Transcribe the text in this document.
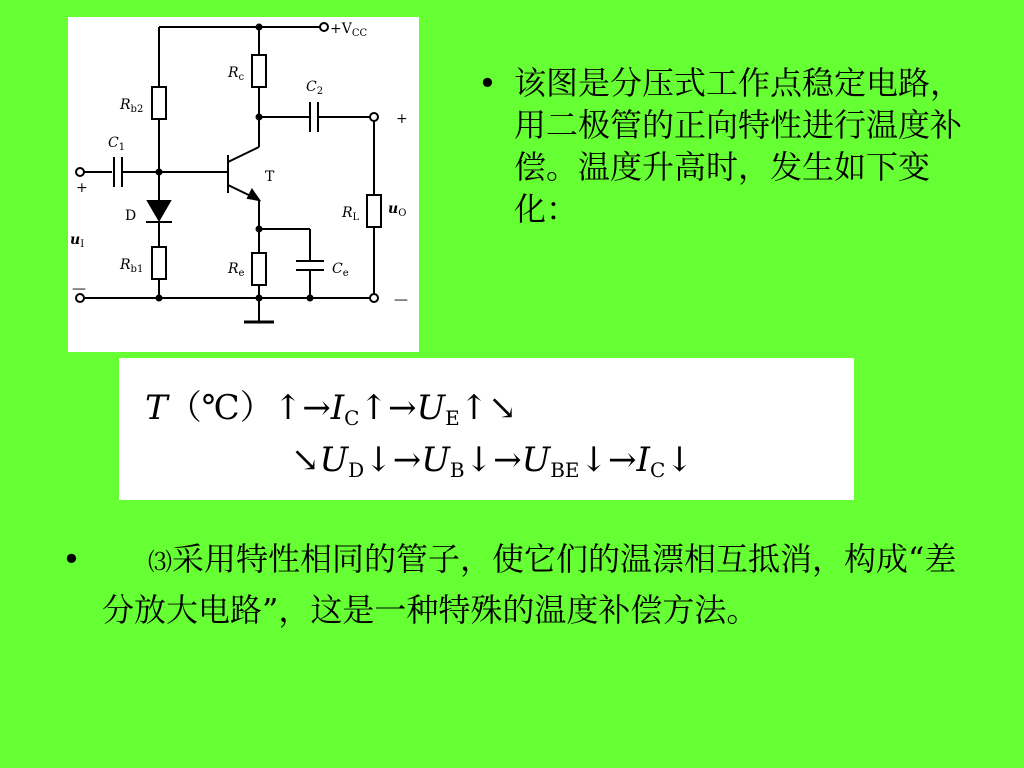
$+V_{CC}$
$R_c$
$R_{b2}$
$C_2$
$C_1$
T
D	$R_L$
$u_O$
$u_I$
$R_{b1}$	$R_e$	$C_e$
+
—
+
—
• 该图是分压式工作点稳定电路，用二极管的正向特性进行温度补偿。温度升高时，发生如下变化：
$T(℃)↑\to I_C↑\to U_E↑↘$
$↘U_D↓\to U_B↓\to U_{BE}↓\to I_C↓$
•	⑶采用特性相同的管子，使它们的温漂相互抵消，构成“差分放大电路”，这是一种特殊的温度补偿方法。
